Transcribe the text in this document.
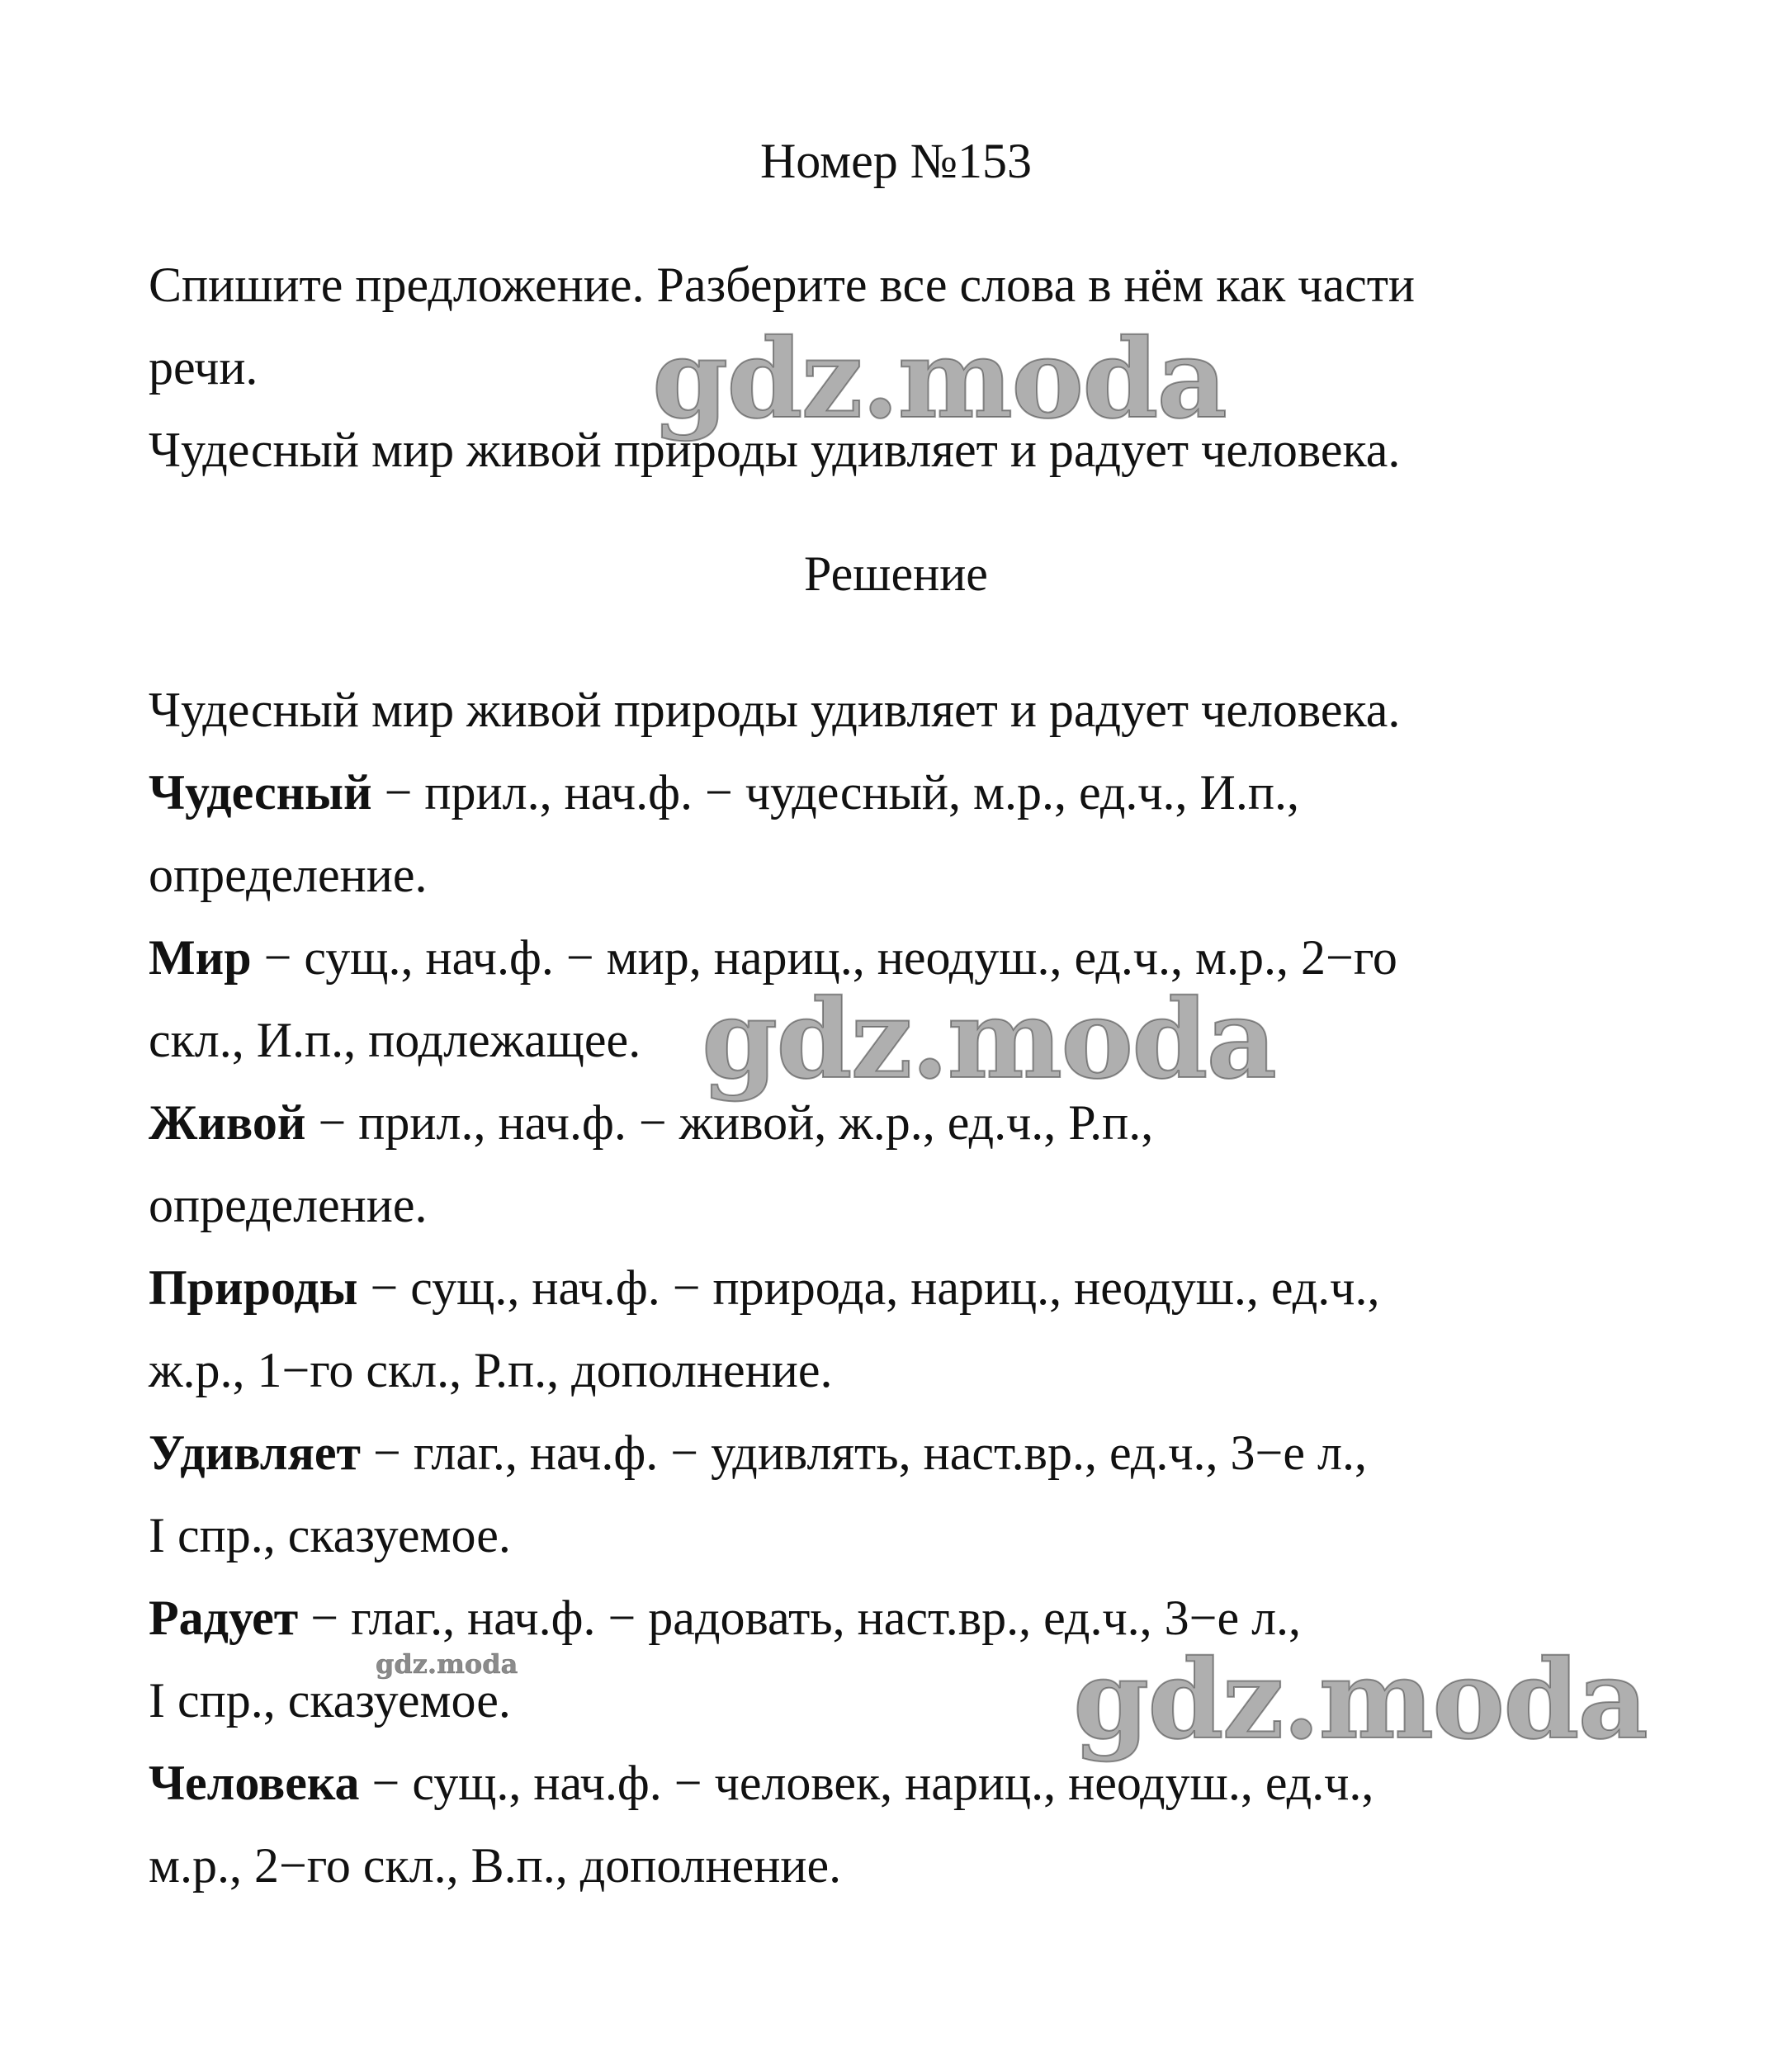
Номер №153
Спишите предложение. Разберите все слова в нём как части
речи.
Чудесный мир живой природы удивляет и радует человека.
Решение
Чудесный мир живой природы удивляет и радует человека.
Чудесный − прил., нач.ф. − чудесный, м.р., ед.ч., И.п.,
определение.
Мир − сущ., нач.ф. − мир, нариц., неодуш., ед.ч., м.р., 2−го
скл., И.п., подлежащее.
Живой − прил., нач.ф. − живой, ж.р., ед.ч., Р.п.,
определение.
Природы − сущ., нач.ф. − природа, нариц., неодуш., ед.ч.,
ж.р., 1−го скл., Р.п., дополнение.
Удивляет − глаг., нач.ф. − удивлять, наст.вр., ед.ч., 3−е л.,
I спр., сказуемое.
Радует − глаг., нач.ф. − радовать, наст.вр., ед.ч., 3−е л.,
I спр., сказуемое.
Человека − сущ., нач.ф. − человек, нариц., неодуш., ед.ч.,
м.р., 2−го скл., В.п., дополнение.
gdz.moda
gdz.moda
gdz.moda
gdz.moda
